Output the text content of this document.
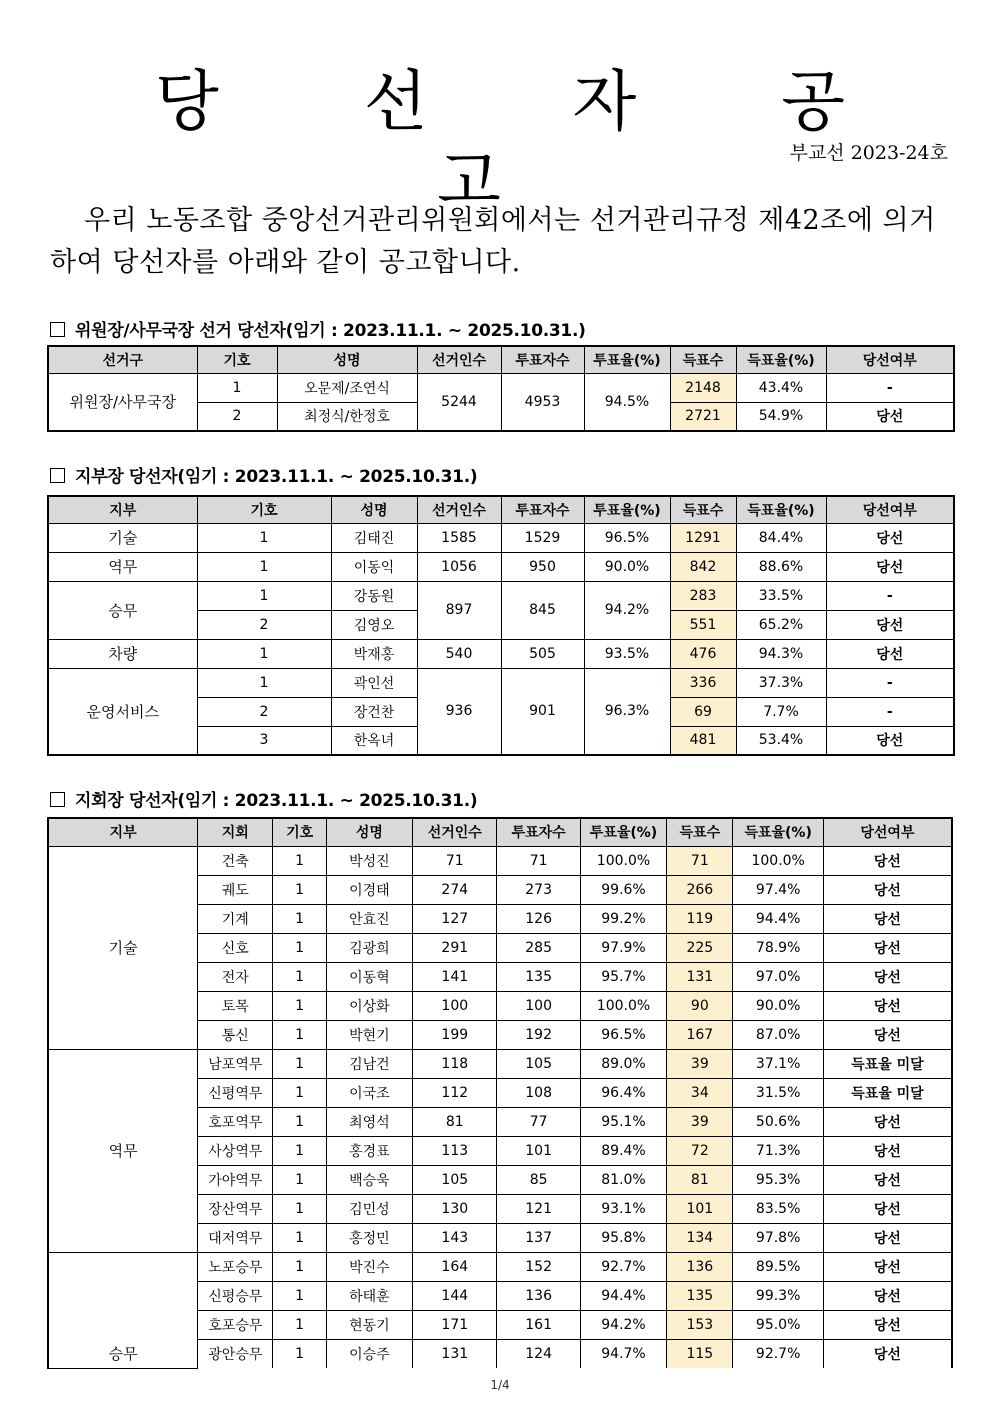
당 선 자 공 고	부교선 2023-24호
우리 노동조합 중앙선거관리위원회에서는 선거관리규정 제42조에 의거하여 당선자를 아래와 같이 공고합니다.
위원장/사무국장 선거 당선자(임기 : 2023.11.1. ~ 2025.10.31.)
선거구	기호	성명	선거인수	투표자수	투표율(%)	득표수	득표율(%)	당선여부
위원장/사무국장	1	오문제/조연식	5244	4953	94.5%	2148	43.4%	-
	2	최정식/한정호				2721	54.9%	당선
지부장 당선자(임기 : 2023.11.1. ~ 2025.10.31.)
지부	기호	성명	선거인수	투표자수	투표율(%)	득표수	득표율(%)	당선여부
기술	1	김태진	1585	1529	96.5%	1291	84.4%	당선
역무	1	이동익	1056	950	90.0%	842	88.6%	당선
승무	1	강동원	897	845	94.2%	283	33.5%	-
	2	김영오				551	65.2%	당선
차량	1	박재홍	540	505	93.5%	476	94.3%	당선
운영서비스	1	곽인선	936	901	96.3%	336	37.3%	-
	2	장건찬				69	7.7%	-
	3	한옥녀				481	53.4%	당선
지회장 당선자(임기 : 2023.11.1. ~ 2025.10.31.)
지부	지회	기호	성명	선거인수	투표자수	투표율(%)	득표수	득표율(%)	당선여부
기술	건축	1	박성진	71	71	100.0%	71	100.0%	당선
	궤도	1	이경태	274	273	99.6%	266	97.4%	당선
	기계	1	안효진	127	126	99.2%	119	94.4%	당선
	신호	1	김광희	291	285	97.9%	225	78.9%	당선
	전자	1	이동혁	141	135	95.7%	131	97.0%	당선
	토목	1	이상화	100	100	100.0%	90	90.0%	당선
	통신	1	박현기	199	192	96.5%	167	87.0%	당선
역무	남포역무	1	김남건	118	105	89.0%	39	37.1%	득표율 미달
	신평역무	1	이국조	112	108	96.4%	34	31.5%	득표율 미달
	호포역무	1	최영석	81	77	95.1%	39	50.6%	당선
	사상역무	1	홍경표	113	101	89.4%	72	71.3%	당선
	가야역무	1	백승욱	105	85	81.0%	81	95.3%	당선
	장산역무	1	김민성	130	121	93.1%	101	83.5%	당선
	대저역무	1	홍정민	143	137	95.8%	134	97.8%	당선
승무	노포승무	1	박진수	164	152	92.7%	136	89.5%	당선
	신평승무	1	하태훈	144	136	94.4%	135	99.3%	당선
	호포승무	1	현동기	171	161	94.2%	153	95.0%	당선
	광안승무	1	이승주	131	124	94.7%	115	92.7%	당선
1/4
